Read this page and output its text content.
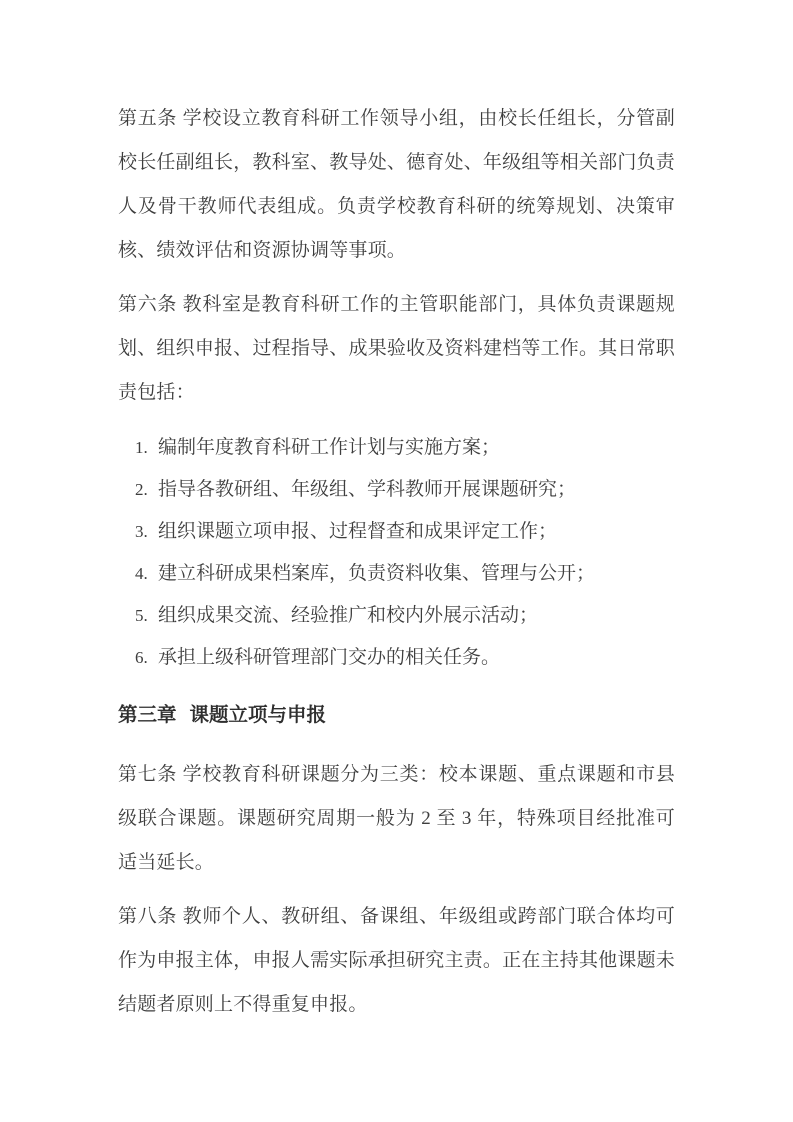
第五条 学校设立教育科研工作领导小组，由校长任组长，分管副校长任副组长，教科室、教导处、德育处、年级组等相关部门负责人及骨干教师代表组成。负责学校教育科研的统筹规划、决策审核、绩效评估和资源协调等事项。

第六条 教科室是教育科研工作的主管职能部门，具体负责课题规划、组织申报、过程指导、成果验收及资料建档等工作。其日常职责包括：

1. 编制年度教育科研工作计划与实施方案；
2. 指导各教研组、年级组、学科教师开展课题研究；
3. 组织课题立项申报、过程督查和成果评定工作；
4. 建立科研成果档案库，负责资料收集、管理与公开；
5. 组织成果交流、经验推广和校内外展示活动；
6. 承担上级科研管理部门交办的相关任务。
第三章 课题立项与申报

第七条 学校教育科研课题分为三类：校本课题、重点课题和市县级联合课题。课题研究周期一般为 2 至 3 年，特殊项目经批准可适当延长。

第八条 教师个人、教研组、备课组、年级组或跨部门联合体均可作为申报主体，申报人需实际承担研究主责。正在主持其他课题未结题者原则上不得重复申报。
